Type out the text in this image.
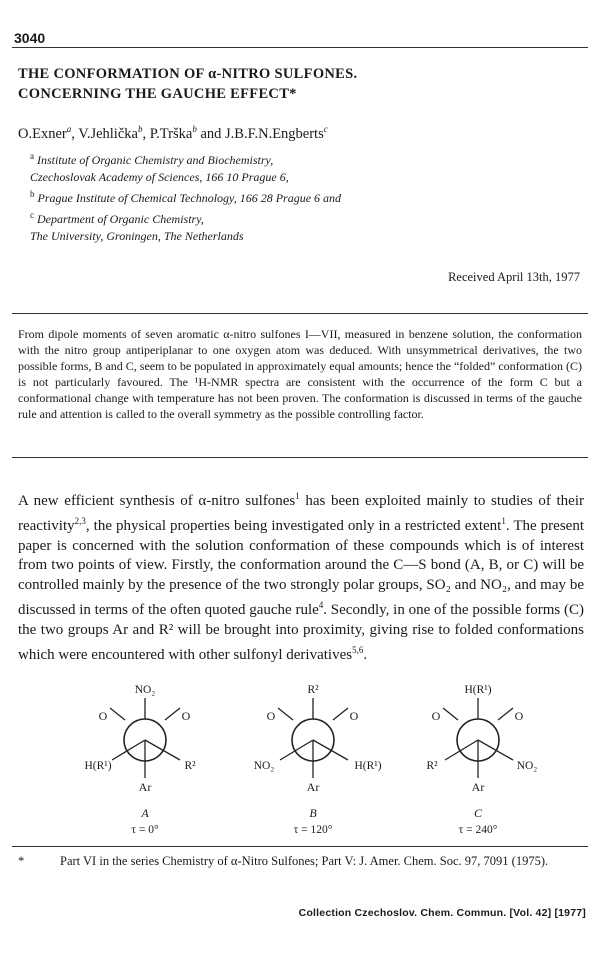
3040
THE CONFORMATION OF α-NITRO SULFONES.
CONCERNING THE GAUCHE EFFECT*
O.Exner$^a$, V.Jehlička$^b$, P.Trška$^b$ and J.B.F.N.Engberts$^c$
$^a$ Institute of Organic Chemistry and Biochemistry,
Czechoslovak Academy of Sciences, 166 10 Prague 6,
$^b$ Prague Institute of Chemical Technology, 166 28 Prague 6 and
$^c$ Department of Organic Chemistry,
The University, Groningen, The Netherlands
Received April 13th, 1977
From dipole moments of seven aromatic α-nitro sulfones I—VII, measured in benzene solution, the conformation with the nitro group antiperiplanar to one oxygen atom was deduced. With unsymmetrical derivatives, the two possible forms, B and C, seem to be populated in approximately equal amounts; hence the “folded” conformation (C) is not particularly favoured. The ¹H-NMR spectra are consistent with the occurrence of the form C but a conformational change with temperature has not been proven. The conformation is discussed in terms of the gauche rule and attention is called to the overall symmetry as the possible controlling factor.
A new efficient synthesis of α-nitro sulfones$^1$ has been exploited mainly to studies of their reactivity$^{2,3}$, the physical properties being investigated only in a restricted extent$^1$. The present paper is concerned with the solution conformation of these compounds which is of interest from two points of view. Firstly, the conformation around the C—S bond (A, B, or C) will be controlled mainly by the presence of the two strongly polar groups, SO₂ and NO₂, and may be discussed in terms of the often quoted gauche rule$^4$. Secondly, in one of the possible forms (C) the two groups Ar and R² will be brought into proximity, giving rise to folded conformations which were encountered with other sulfonyl derivatives$^{5,6}$.
NO₂
O	O
H(R¹)	R²
Ar
A
τ = 0°
R²
O	O
NO₂	H(R¹)
Ar
B
τ = 120°
H(R¹)
O	O
R²	NO₂
Ar
C
τ = 240°
*	Part VI in the series Chemistry of α-Nitro Sulfones; Part V: J. Amer. Chem. Soc. 97, 7091 (1975).
Collection Czechoslov. Chem. Commun. [Vol. 42] [1977]
